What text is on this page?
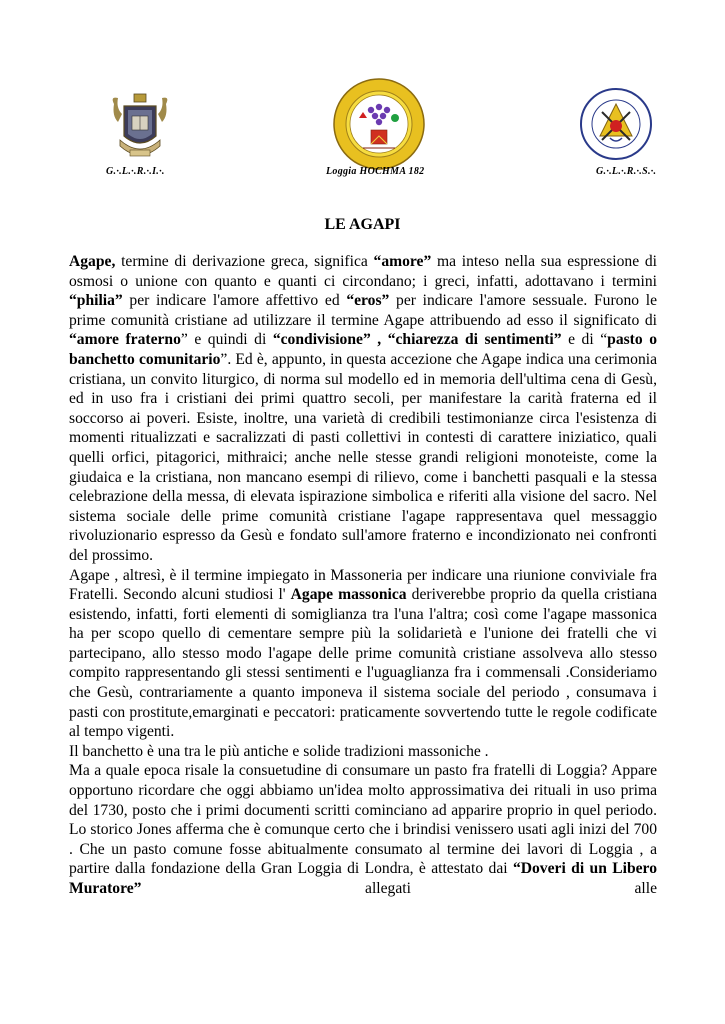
G.·.L.·.R.·.I.·.	Loggia HOCHMA 182	G.·.L.·.R.·.S.·.
LE AGAPI

Agape, termine di derivazione greca, significa “amore” ma inteso nella sua espressione di osmosi o unione con quanto e quanti ci circondano; i greci, infatti, adottavano i termini “philia” per indicare l'amore affettivo ed “eros” per indicare l'amore sessuale. Furono le prime comunità cristiane ad utilizzare il termine Agape attribuendo ad esso il significato di “amore fraterno” e quindi di “condivisione” , “chiarezza di sentimenti” e di “pasto o banchetto comunitario”. Ed è, appunto, in questa accezione che Agape indica una cerimonia cristiana, un convito liturgico, di norma sul modello ed in memoria dell'ultima cena di Gesù, ed in uso fra i cristiani dei primi quattro secoli, per manifestare la carità fraterna ed il soccorso ai poveri. Esiste, inoltre, una varietà di credibili testimonianze circa l'esistenza di momenti ritualizzati e sacralizzati di pasti collettivi in contesti di carattere iniziatico, quali quelli orfici, pitagorici, mithraici; anche nelle stesse grandi religioni monoteiste, come la giudaica e la cristiana, non mancano esempi di rilievo, come i banchetti pasquali e la stessa celebrazione della messa, di elevata ispirazione simbolica e riferiti alla visione del sacro. Nel sistema sociale delle prime comunità cristiane l'agape rappresentava quel messaggio rivoluzionario espresso da Gesù e fondato sull'amore fraterno e incondizionato nei confronti del prossimo.

Agape , altresì, è il termine impiegato in Massoneria per indicare una riunione conviviale fra Fratelli. Secondo alcuni studiosi l' Agape massonica deriverebbe proprio da quella cristiana esistendo, infatti, forti elementi di somiglianza tra l'una l'altra; così come l'agape massonica ha per scopo quello di cementare sempre più la solidarietà e l'unione dei fratelli che vi partecipano, allo stesso modo l'agape delle prime comunità cristiane assolveva allo stesso compito rappresentando gli stessi sentimenti e l'uguaglianza fra i commensali .Consideriamo che Gesù, contrariamente a quanto imponeva il sistema sociale del periodo , consumava i pasti con prostitute,emarginati e peccatori: praticamente sovvertendo tutte le regole codificate al tempo vigenti.

Il banchetto è una tra le più antiche e solide tradizioni massoniche .

Ma a quale epoca risale la consuetudine di consumare un pasto fra fratelli di Loggia? Appare opportuno ricordare che oggi abbiamo un'idea molto approssimativa dei rituali in uso prima del 1730, posto che i primi documenti scritti cominciano ad apparire proprio in quel periodo. Lo storico Jones afferma che è comunque certo che i brindisi venissero usati agli inizi del 700 . Che un pasto comune fosse abitualmente consumato al termine dei lavori di Loggia , a partire dalla fondazione della Gran Loggia di Londra, è attestato dai “Doveri di un Libero Muratore” allegati alle
